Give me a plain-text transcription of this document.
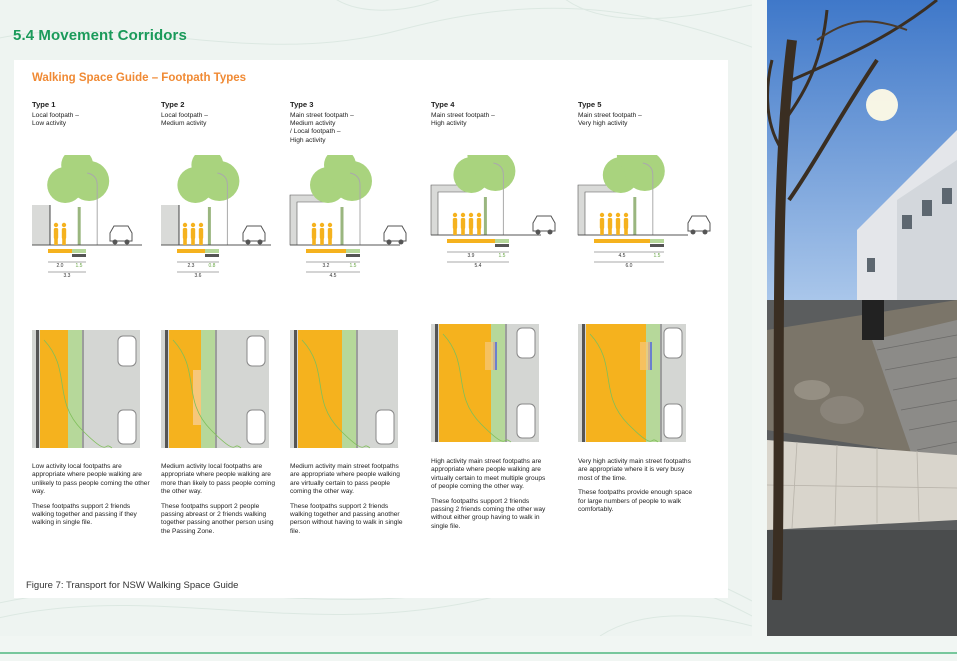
5.4 Movement Corridors
Walking Space Guide – Footpath Types
Type 1
Local footpath –
Low activity
Type 2
Local footpath –
Medium activity
Type 3
Main street footpath –
Medium activity
/ Local footpath –
High activity
Type 4
Main street footpath –
High activity
Type 5
Main street footpath –
Very high activity
2.0 1.5
3.3
2.3	0.8
3.6
3.2	1.5
4.5
3.9	1.5
5.4
4.5	1.5
6.0
Low activity local footpaths are appropriate where people walking are unlikely to pass people coming the other way.
These footpaths support 2 friends walking together and passing if they walking in single file.
Medium activity local footpaths are appropriate where people walking are more than likely to pass people coming the other way.
These footpaths support 2 people passing abreast or 2 friends walking together passing another person using the Passing Zone.
Medium activity main street footpaths are appropriate where people walking are virtually certain to pass people coming the other way.
These footpaths support 2 friends walking together and passing another person without having to walk in single file.
High activity main street footpaths are appropriate where people walking are virtually certain to meet multiple groups of people coming the other way.
These footpaths support 2 friends passing 2 friends coming the other way without either group having to walk in single file.
Very high activity main street footpaths are appropriate where it is very busy most of the time.
These footpaths provide enough space for large numbers of people to walk comfortably.
Figure 7: Transport for NSW Walking Space Guide
